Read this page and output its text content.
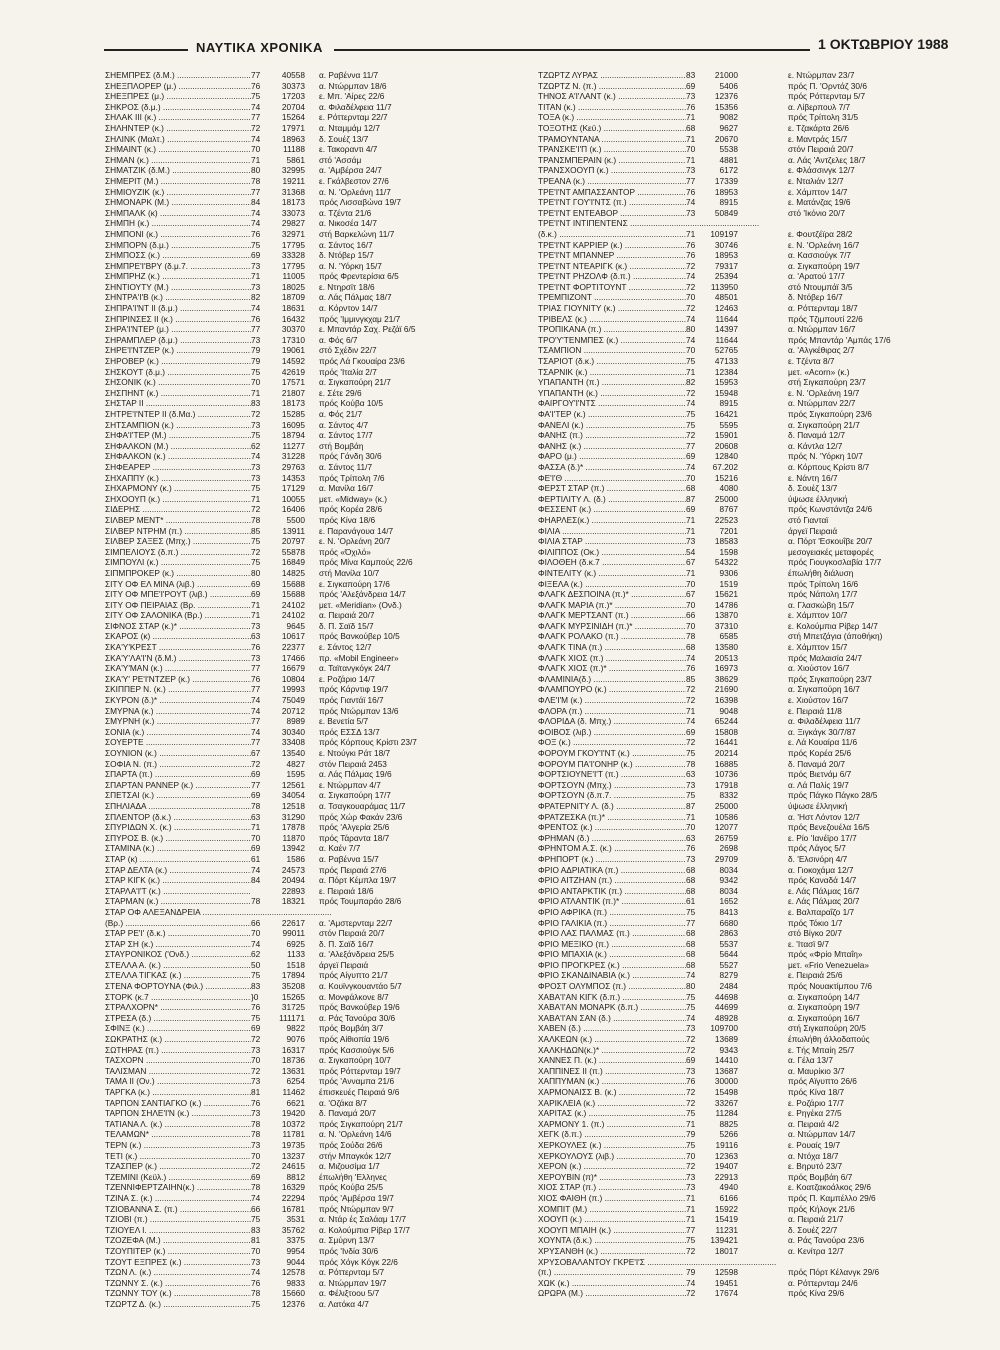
ΝΑΥΤΙΚΑ ΧΡΟΝΙΚΑ	1 ΟΚΤΩΒΡΙΟΥ 1988
ΣΗΕΜΠΡΕΣ (δ.Μ.) .....	77	40558 α. Ραβέννα 11/7
ΣΗΕΞΠΛΟΡΕΡ (μ.) .....	76	30373 α. Ντώρμπαν 18/6
ΣΗΕΞΠΡΕΣ (μ.) .....	75	17203 ε. Μπ. 'Αίρες 22/6
ΣΗΚΡΟΣ (δ.μ.) .....	74	20704 α. Φιλαδέλφεια 11/7
ΣΗΛΑΚ III (κ.) .....	77	15264 ε. Ρόττερνταμ 22/7
ΣΗΛΗΝΤΕΡ (κ.) .....	72	17971 α. Νταμμάμ 12/7
ΣΗΛΙΝΚ (Μαλτ.) .....	74	18963 δ. Σουέζ 13/7
ΣΗΜΑΙΝΤ (κ.) .....	70	11188 ε. Τακοραντι 4/7
ΣΗΜΑΝ (κ.) .....	71	5861 στό 'Ασσάμ
ΣΗΜΑΤΖΙΚ (δ.Μ.) .....	80	32995 α. 'Αμβέρσα 24/7
ΣΗΜΕΡΙΤ (Μ.) .....	78	19211 ε. Γκάλβεστον 27/6
ΣΗΜΙΟΥΖΙΚ (κ.) .....	77	31368 α. Ν. 'Ορλεάνη 11/7
ΣΗΜΟΝΑΡΚ (Μ.) .....	84	18173 πρός Λισσαβώνα 19/7
ΣΗΜΠΑΛΚ (κ) .....	74	33073 α. Τζέντα 21/6
ΣΗΜΠΗ (κ.) .....	74	29827 α. Νικοσέα 14/7
ΣΗΜΠΟΝΙ (κ.) .....	76	32971 στή Βαρκελώνη 11/7
ΣΗΜΠΟΡΝ (δ.μ.) .....	75	17795 α. Σάντος 16/7
ΣΗΜΠΟΣΣ (κ.) .....	69	33328 δ. Ντόβερ 15/7
ΣΗΜΠΡΕ'Ι'ΒΡΥ (δ.μ.7. .....	73	17795 α. Ν. 'Υόρκη 15/7
ΣΗΜΠΡΗΖ (κ.) .....	71	11005 πρός Φρεντερίσια 6/5
ΣΗΝΤΙΟΥΤΥ (Μ.) .....	73	18025 ε. Ντηρσϊτ 18/6
ΣΗΝΤΡΑ'Ι'Β (κ.) .....	82	18709 α. Λάς Πάλμας 18/7
ΣΗΠΡΑ'Ι'ΝΤ ΙΙ (δ.μ.) .....	74	18631 α. Κόρντον 14/7
ΣΗΠΡΙΝΣΕΣ ΙΙ (κ.) .....	76	16432 πρός 'Ιμμινγκχαμ 21/7
ΣΗΡΑ'Ι'ΝΤΕΡ (μ.) .....	77	30370 ε. Μπαντάρ Σαχ. Ρεζάϊ 6/5
ΣΗΡΑΜΠΛΕΡ (δ.μ.) .....	73	17310 α. Φός 6/7
ΣΗΡΕ'Ι'ΝΤΖΕΡ (κ.) .....	79	19061 στό Σχέδιν 22/7
ΣΗΡΟΒΕΡ (κ.) .....	79	14592 πρός Λά Γκουαίρα 23/6
ΣΗΣΚΟΥΤ (δ.μ.) .....	75	42619 πρός 'Ιταλία 2/7
ΣΗΣΟΝΙΚ (κ.) .....	70	17571 α. Σιγκαπούρη 21/7
ΣΗΣΠΗΝΤ (κ.) .....	71	21807 ε. Σέτε 29/6
ΣΗΣΤΑΡ ΙΙ .....	83	18173 πρός Κούβα 10/5
ΣΗΤΡΕ'Ι'ΝΤΕΡ ΙΙ (δ.Μα.) .....	72	15285 α. Φός 21/7
ΣΗΤΣΑΜΠΙΟΝ (κ.) .....	73	16095 α. Σάντος 4/7
ΣΗΦΑ'Ι'ΤΕΡ (Μ.) .....	75	18794 α. Σάντος 17/7
ΣΗΦΑΛΚΟΝ (Μ.) .....	62	11277 στή Βομβάη
ΣΗΦΑΛΚΟΝ (κ.) .....	74	31228 πρός Γάνδη 30/6
ΣΗΦΕΑΡΕΡ .....	73	29763 α. Σάντος 11/7
ΣΗΧΑΠΠΥ (κ.) .....	73	14353 πρός Τρίπολη 7/6
ΣΗΧΑΡΜΟΝΥ (κ.) .....	75	17129 α. Μανίλα 16/7
ΣΗΧΟΟΥΠ (κ.) .....	71	10055 μετ. «Midway» (κ.)
ΣΙΔΕΡΗΣ .....	72	16406 πρός Κορέα 28/6
ΣΙΛΒΕΡ ΜΕΝΤ* .....	78	5500 πρός Κίνα 18/6
ΣΙΛΒΕΡ ΝΤΡΗΜ (π.) .....	85	13911 ε. Παρανάγουα 14/7
ΣΙΛΒΕΡ ΣΑΞΕΣ (Μπχ.) .....	75	20797 ε. Ν. 'Ορλεάνη 20/7
ΣΙΜΠΕΛΙΟΥΣ (δ.π.) .....	72	55878 πρός «Όχιλό»
ΣΙΜΠΟΥΛΙ (κ.) .....	75	16849 πρός Μίνα Καμπούς 22/6
ΣΙΠΜΠΡΟΚΕΡ (κ.) .....	80	14825 στή Μανίλα 10/7
ΣΙΤΥ ΟΦ ΕΛ ΜΙΝΑ (λιβ.) .....	69	15688 ε. Σιγκαπούρη 17/6
ΣΙΤΥ ΟΦ ΜΠΕ'Ι'ΡΟΥΤ (λιβ.) .....	69	15688 πρός 'Αλεξάνδρεια 14/7
ΣΙΤΥ ΟΦ ΠΕΙΡΑΙΑΣ (Βρ. .....	71	24102 μετ. «Meridian» (Ονδ.)
ΣΙΤΥ ΟΦ ΣΑΛΟΝΙΚΑ (Βρ.) .....	71	24102 α. Πειραιά 20/7
ΣΙΦΝΟΣ ΣΤΑΡ (κ.)* .....	73	9645 δ. Π. Σαϊδ 15/7
ΣΚΑΡΟΣ (κ) .....	63	10617 πρός Βανκούβερ 10/5
ΣΚΑ'Υ'ΚΡΕΣΤ .....	76	22377 ε. Σάντος 12/7
ΣΚΑ'Υ'ΛΑ'Ι'Ν (δ.Μ.) .....	73	17466 πρ. «Mobil Engineer»
ΣΚΑ'Υ'ΜΑΝ (κ.) .....	77	16679 α. Ταϊτανγκόγκ 24/7
ΣΚΑ'Υ' ΡΕ'Ι'ΝΤΖΕΡ (κ.) .....	76	10804 ε. Ροζάριο 14/7
ΣΚΙΠΠΕΡ Ν. (κ.) .....	77	19993 πρός Κάρντιφ 19/7
ΣΚΥΡΟΝ (δ.)* .....	74	75049 πρός Γιαντάϊ 16/7
ΣΜΥΡΝΑ (κ.) .....	74	20712 πρός Ντώρμπαν 13/6
ΣΜΥΡΝΗ (κ.) .....	77	8989 ε. Βενετία 5/7
ΣΟΝΙΑ (κ.) .....	74	30340 πρός ΕΣΣΔ 13/7
ΣΟΥΕΡΤΕ .....	77	33408 πρός Κόρπους Κρίστι 23/7
ΣΟΥΝΙΟΝ (κ.) .....	67	13540 ε. Ντούγκι Ράτ 18/7
ΣΟΦΙΑ Ν. (π.) .....	72	4827 στόν Πειραιά 2453
ΣΠΑΡΤΑ (π.) .....	69	1595 α. Λάς Πάλμας 19/6
ΣΠΑΡΤΑΝ ΡΑΝΝΕΡ (κ.) .....	77	12561 ε. Ντώρμπαν 4/7
ΣΠΕΤΣΑΙ (κ.) .....	69	34054 α. Σιγκαπούρη 17/7
ΣΠΗΛΙΑΔΑ .....	78	12518 α. Τσαγκουαράμας 11/7
ΣΠΛΕΝΤΟΡ (δ.κ.) .....	63	31290 πρός Χώρ Φακάν 23/6
ΣΠΥΡΙΔΩΝ Χ. (κ.) .....	71	17878 πρός 'Αλγερία 25/6
ΣΠΥΡΟΣ Β. (κ.) .....	70	11870 πρός Τάραντα 18/7
ΣΤΑΜΙΝΑ (κ.) .....	69	13942 α. Καέν 7/7
ΣΤΑΡ (κ) .....	61	1586 α. Ραβέννα 15/7
ΣΤΑΡ ΔΕΛΤΑ (κ.) .....	74	24573 πρός Πειραιά 27/6
ΣΤΑΡ ΚΙΓΚ (κ.) .....	84	20494 α. Πόρτ Κέμπλα 19/7
ΣΤΑΡΛΑ'Ι'Τ (κ.) .....	22893 ε. Πειραιά 18/6
ΣΤΑΡΜΑΝ (κ.) .....	78	18321 πρός Τουμπαράο 28/6
ΣΤΑΡ ΟΦ ΑΛΕΞΑΝΔΡΕΙΑ .....
(Βρ.) .....	66	22617 α. 'Αμστερνταμ 22/7
ΣΤΑΡ ΡΕ'Ι' (δ.κ.) .....	70	99011 στόν Πειραιά 20/7
ΣΤΑΡ ΣΗ (κ.) .....	74	6925 δ. Π. Σαϊδ 16/7
ΣΤΑΥΡΟΝΙΚΟΣ ('Ονδ.) .....	62	1133 α. 'Αλεξάνδρεια 25/5
ΣΤΕΛΛΑ Α. (κ.) .....	50	1518 άργεϊ Πειραιά
ΣΤΕΛΛΑ ΤΙΓΚΑΣ (κ.) .....	75	17894 πρός Αίγυπτο 21/7
ΣΤΕΝΑ ΦΟΡΤΟΥΝΑ (Φιλ.) .....	83	35208 α. Κουϊνγκουαντάο 5/7
ΣΤΟΡΚ (κ.7 .....	}0	15265 α. Μονφάλκονε 8/7
ΣΤΡΑΛΧΟΡΝ* .....	76	31725 πρός Βανκούβερ 19/6
ΣΤΡΕΣΑ (δ.) .....	75	111171 α. Ράς Τανούρα 30/6
ΣΦΙΝΞ (κ.) .....	69	9822 πρός Βομβάη 3/7
ΣΩΚΡΑΤΗΣ (κ.) .....	72	9076 πρός Αίθιοπία 19/6
ΣΩΤΗΡΑΣ (π.) .....	73	16317 πρός Κασσιούγκ 5/6
ΤΑΣΧΟΡΝ .....	70	18736 α. Σιγκαπούρη 10/7
ΤΑΛΙΣΜΑΝ .....	72	13631 πρός Ρόττερνταμ 19/7
ΤΑΜΑ ΙΙ (Ον.) .....	73	6254 πρός 'Ανναμπα 21/6
ΤΑΡΓΚΑ (κ.) .....	81	11462 έπισκευές Πειραιά 9/6
ΤΑΡΠΟΝ ΣΑΝΤΙΑΓΚΟ (κ.) .....	76	6621 α. 'Οζάκα 8/7
ΤΑΡΠΟΝ ΣΗΛΕ'Ι'Ν (κ.) .....	73	19420 δ. Παναμά 20/7
ΤΑΤΙΑΝΑ Λ. (κ.) .....	78	10372 πρός Σιγκαπούρη 21/7
ΤΕΛΑΜΩΝ* .....	78	11781 α. Ν. 'Ορλεάνη 14/6
ΤΕΡΝ (κ.) .....	73	19735 πρός Σούδα 26/6
ΤΕΤΙ (κ.) .....	70	13237 στήν Μπαγκόκ 12/7
ΤΖΑΣΠΕΡ (κ.) .....	72	24615 α. Μιζουσίμα 1/7
ΤΖΕΜΙΝΙ (Κεϋλ.) .....	69	8812 έπωλήθη 'Ελληνες
ΤΖΕΝΝΙΦΕΡΤΖΑΙΗΝ(κ.) .....	78	16329 πρός Κούβα 25/5
ΤΖΙΝΑ Σ. (κ.) .....	74	22294 πρός 'Αμβέρσα 19/7
ΤΖΙΟΒΑΝΝΑ Σ. (π.) .....	66	16781 πρός Ντώρμπαν 9/7
ΤΖΙΟΒΙ (π.) .....	75	3531 α. Ντάρ ές Σαλάαμ 17/7
ΤΖΙΟΥΕΛ Ι. .....	83	35762 α. Κολούμπια Ρίβερ 17/7
ΤΖΟΖΕΦΑ (Μ.) .....	81	3375 α. Σμύρνη 13/7
ΤΖΟΥΠΙΤΕΡ (κ.) .....	70	9954 πρός 'Ινδία 30/6
ΤΖΟΥΤ ΕΞΠΡΕΣ (κ.) .....	73	9044 πρός Χόγκ Κόγκ 22/6
ΤΖΩΝ Λ. (κ.) .....	74	12578 α. Ρόττερνταμ 5/7
ΤΖΩΝΝΥ Σ. (κ.) .....	76	9833 α. Ντώρμπαν 19/7
ΤΖΩΝΝΥ ΤΟΥ (κ.) .....	78	15660 α. Φέλιξτοου 5/7
ΤΖΩΡΤΖ Δ. (κ.) .....	75	12376 α. Λατόκα 4/7
ΤΖΩΡΤΖ ΛΥΡΑΣ .....	83	21000	ε. Ντώρμπαν 23/7
ΤΖΩΡΤΖ Ν. (π.) .....	69	5406	πρός Π. 'Ορντάζ 30/6
ΤΗΝΟΣ Α'Ι'ΛΑΝΤ (κ.) .....	73	12376	πρός Ρόττερνταμ 5/7
ΤΙΤΑΝ (κ.) .....	76	15356	α. Λίβερπουλ 7/7
ΤΟΞΑ (κ.) .....	71	9082	πρός Τρίπολη 31/5
ΤΟΞΟΤΗΣ (Κεϋ.) .....	68	9627	ε. Τζακάρτα 26/6
ΤΡΑΜΟΥΝΤΑΝΑ .....	71	20670	ε. Μαντράς 15/7
ΤΡΑΝΣΚΕ'Ι'Π (κ.) .....	70	5538	στόν Πειραιά 20/7
ΤΡΑΝΣΜΠΕΡΑΙΝ (κ.) .....	71	4881	α. Λάς 'Αντζελες 18/7
ΤΡΑΝΣΧΟΟΥΠ (κ.) .....	73	6172	ε. Φλάσσινγκ 12/7
ΤΡΕΑΝΑ (κ.) .....	77	17339	ε. Νταλιάν 12/7
ΤΡΕ'Ι'ΝΤ ΑΜΠΑΣΣΑΝΤΟΡ .....	76	18953	ε. Χάμπτον 14/7
ΤΡΕ'Ι'ΝΤ ΓΟΥ'Ι'ΝΤΣ (π.) .....	74	8915	ε. Ματάνζας 19/6
ΤΡΕ'Ι'ΝΤ ΕΝΤΕΑΒΟΡ .....	73	50849	στό 'Ικόνιο 20/7
ΤΡΕ'Ι'ΝΤ ΙΝΤΙΠΕΝΤΕΝΣ .....
(δ.κ.) .....	71	109197	ε. Φουτζέϊρα 28/2
ΤΡΕ'Ι'ΝΤ ΚΑΡΡΙΕΡ (κ.) .....	76	30746	ε. Ν. 'Ορλεάνη 16/7
ΤΡΕ'Ι'ΝΤ ΜΠΑΝΝΕΡ .....	76	18953	α. Κασσιούγκ 7/7
ΤΡΕ'Ι'ΝΤ ΝΤΕΑΡΙΓΚ (κ.) .....	72	79317	α. Σιγκαπούρη 19/7
ΤΡΕ'Ι'ΝΤ ΡΗΖΟΛΦ (δ.π.) .....	74	25394	α. 'Αρατού 17/7
ΤΡΕ'Ι'ΝΤ ΦΟΡΤΙΤΟΥΝΤ .....	72	113950	στό Ντουμπάϊ 3/5
ΤΡΕΜΠΙΖΟΝΤ .....	70	48501	δ. Ντόβερ 16/7
ΤΡΙΑΣ ΓΙΟΥΝΙΤΥ (κ.) .....	72	12463	α. Ρόττερνταμ 18/7
ΤΡΙΒΕΛΣ (κ.) .....	74	11644	πρός Τζιμπουτί 22/6
ΤΡΟΠΙΚΑΝΑ (π.) .....	80	14397	α. Ντώρμπαν 16/7
ΤΡΟ'Υ'ΤΕΝΜΠΕΣ (κ.) .....	74	11644	πρός Μπαντάρ 'Αμπάς 17/6
ΤΣΑΜΠΙΟΝ .....	70	52765	α. 'Αλγκέθιρας 2/7
ΤΣΑΡΙΟΤ (δ.κ.) .....	75	47133	ε. Τζέντα 8/7
ΤΣΑΡΝΙΚ (κ.) .....	71	12384	μετ. «Acorn» (κ.)
ΥΠΑΠΑΝΤΗ (π.) .....	82	15953	στή Σιγκαπούρη 23/7
ΥΠΑΠΑΝΤΗ (κ.) .....	72	15948	ε. Ν. 'Ορλεάνη 19/7
ΦΑΙΡΓΟΥ'Ι'ΝΤΣ .....	74	8915	α. Ντώρμπαν 22/7
ΦΑ'Ι'ΤΕΡ (κ.) .....	75	16421	πρός Σιγκαπούρη 23/6
ΦΑΝΕΛΙ (κ.) .....	75	5595	α. Σιγκαπούρη 21/7
ΦΑΝΗΣ (π.) .....	72	15901	δ. Παναμά 12/7
ΦΑΝΗΣ (κ.) .....	77	20608	α. Κάντλα 12/7
ΦΑΡΟ (μ.) .....	69	12840	πρός Ν. 'Υόρκη 10/7
ΦΑΣΣΑ (δ.)* .....	74	67.202	α. Κόρπους Κρίστι 8/7
ΦΕ'Ι'Θ .....	70	15216	ε. Νάντη 16/7
ΦΕΡΣΤ ΣΤΑΡ (π.) .....	68	4080	δ. Σουέζ 13/7
ΦΕΡΤΙΛΙΤΥ Λ. (δ.) .....	87	25000	ύψωσε έλληνική
ΦΕΣΣΕΝΤ (κ.) .....	69	8767	πρός Κωνστάντζα 24/6
ΦΗΑΡΛΕΣ(κ.) .....	71	22523	στό Γιανταϊ
ΦΙΛΙΑ .....	71	7201	άργεϊ Πειραιά
ΦΙΛΙΑ ΣΤΑΡ .....	73	18583	α. Πόρτ 'Εσκουΐβε 20/7
ΦΙΛΙΠΠΟΣ (Οκ.) .....	54	1598	μεσογειακές μεταφορές
ΦΙΛΟΘΕΗ (δ.κ.7 .....	67	54322	πρός Γιουγκοσλαβία 17/7
ΦΙΝΤΕΛΙΤΥ (κ.) .....	71	9306	έπωλήθη διάλυση
ΦΙΞΕΛΑ (κ.) .....	70	1519	πρός Τρίπολη 16/6
ΦΛΑΓΚ ΔΕΣΠΟΙΝΑ (π.)* .....	67	15621	πρός Νάπολη 17/7
ΦΛΑΓΚ ΜΑΡΙΑ (π.)* .....	70	14786	α. Γλασκώβη 15/7
ΦΛΑΓΚ ΜΕΡΤΣΑΝΤ (π.) .....	66	13870	ε. Χάμπτον 10/7
ΦΛΑΓΚ ΜΥΡΣΙΝΙΔΗ (π.)* .....	70	37310	ε. Κολούμπια Ρίβερ 14/7
ΦΛΑΓΚ ΡΟΛΑΚΟ (π.) .....	78	6585	στή Μπετζάγια (άποθήκη)
ΦΛΑΓΚ ΤΙΝΑ (π.) .....	68	13580	ε. Χάμπτον 15/7
ΦΛΑΓΚ ΧΙΟΣ (π.) .....	74	20513	πρός Μαλαισία 24/7
ΦΛΑΓΚ ΧΙΟΣ (π.)* .....	76	16973	α. Χιούστον 16/7
ΦΛΑΜΙΝΙΑ(δ.) .....	85	38629	πρός Σιγκαπούρη 23/7
ΦΛΑΜΠΟΥΡΟ (κ.) .....	72	21690	α. Σιγκαπούρη 16/7
ΦΛΕ'Ι'Μ (κ.) .....	72	16398	ε. Χιούστον 16/7
ΦΛΟΡΑ (π.) .....	71	9048	ε. Πειραιά 11/8
ΦΛΟΡΙΔΑ (δ. Μπχ.) .....	74	65244	α. Φιλαδέλφεια 11/7
ΦΟΙΒΟΣ (λιβ.) .....	69	15808	α. Ξιγκάγκ 30/7/87
ΦΟΞ (κ.) .....	72	16441	ε. Λά Κουαίρα 11/6
ΦΟΡΟΥΜ ΓΚΟΥ'Ι'ΝΤ (κ.) .....	75	20214	πρός Κορέα 25/6
ΦΟΡΟΥΜ ΠΑ'Ι'ΟΝΗΡ (κ.) .....	78	16885	δ. Παναμά 20/7
ΦΟΡΤΣΙΟΥΝΕ'Ι'Τ (π.) .....	63	10736	πρός Βιετνάμ 6/7
ΦΟΡΤΣΟΥΝ (Μπχ.) .....	73	17918	α. Λά Παλίς 19/7
ΦΟΡΤΣΟΥΝ (δ.π.7. .....	75	8332	πρός Πάγκο Πάγκο 28/5
ΦΡΑΤΕΡΝΙΤΥ Λ. (δ.) .....	87	25000	ύψωσε έλληνική
ΦΡΑΤΖΕΣΚΑ (π.)* .....	71	10586	α. 'Ηστ Λόντον 12/7
ΦΡΕΝΤΟΣ (κ.) .....	70	12077	πρός Βενεζουέλα 16/5
ΦΡΗΜΑΝ (δ.) .....	63	26759	ε. Ρίο 'Ιανέϊρο 17/7
ΦΡΗΝΤΟΜ Α.Σ. (κ.) .....	76	2698	πρός Λάγος 5/7
ΦΡΗΠΟΡΤ (κ.) .....	73	29709	δ. 'Ελσινόρη 4/7
ΦΡΙΟ ΑΔΡΙΑΤΙΚΑ (π.) .....	68	8034	α. Γιοκοχάμα 12/7
ΦΡΙΟ ΑΙΤΖΗΑΝ (π.) .....	68	9342	πρός Καναδά 14/7
ΦΡΙΟ ΑΝΤΑΡΚΤΙΚ (π.) .....	68	8034	ε. Λάς Πάλμας 16/7
ΦΡΙΟ ΑΤΛΑΝΤΙΚ (π.)* .....	61	1652	ε. Λάς Πάλμας 20/7
ΦΡΙΟ ΑΦΡΙΚΑ (π.) .....	75	8413	ε. Βαλπαραΐζο 1/7
ΦΡΙΟ ΓΑΛΙΚΙΑ (π.) .....	77	6680	πρός Τόκιο 1/7
ΦΡΙΟ ΛΑΣ ΠΑΛΜΑΣ (π.) .....	68	2863	στό Βίγκο 20/7
ΦΡΙΟ ΜΕΞΙΚΟ (π.) .....	68	5537	ε. 'Ιτασϊ 9/7
ΦΡΙΟ ΜΠΑΧΙΑ (κ.) .....	68	5644	πρός «Φρίο Μπαΐη»
ΦΡΙΟ ΠΡΟΓΚΡΕΣ (κ.) .....	68	5527	μετ. «Frio Venezuela»
ΦΡΙΟ ΣΚΑΝΔΙΝΑΒΙΑ (κ.) .....	74	8279	ε. Πειραιά 25/6
ΦΡΟΣΤ ΟΛΥΜΠΟΣ (π.) .....	80	2484	πρός Νουακτίμπου 7/6
ΧΑΒΑ'Ι'ΑΝ ΚΙΓΚ (δ.π.) .....	75	44698	α. Σιγκαπούρη 14/7
ΧΑΒΑ'Ι'ΑΝ ΜΟΝΑΡΚ (δ.π.) .....	75	44699	α. Σιγκαπούρη 19/7
ΧΑΒΑ'Ι'ΑΝ ΣΑΝ (δ.) .....	74	48928	α. Σιγκαπούρη 16/7
ΧΑΒΕΝ (δ.) .....	73	109700	στή Σιγκαπούρη 20/5
ΧΑΛΚΕΩΝ (κ.) .....	72	13689	έπωλήθη άλλοδαπούς
ΧΑΛΚΗΔΩΝ(κ.)* .....	72	9343	ε. Τής Μπαίη 25/7
ΧΑΝΝΕΣ Π. (κ.) .....	69	14410	α. Γέλα 13/7
ΧΑΠΠΙΝΕΣ ΙΙ (π.) .....	73	13687	α. Μαυρίκιο 3/7
ΧΑΠΠΥΜΑΝ (κ.) .....	76	30000	πρός Αϊγυπτο 26/6
ΧΑΡΜΟΝΑΙΣΣ Β. (κ.) .....	72	15498	πρός Κίνα 18/7
ΧΑΡΙΚΛΕΙΑ (κ.) .....	72	33267	ε. Ροζάριο 17/7
ΧΑΡΙΤΑΣ (κ.) .....	75	11284	ε. Ρηγέκα 27/5
ΧΑΡΜΟΝΥ 1. (π.) .....	71	8825	α. Πειραιά 4/2
ΧΕΓΚ (δ.π.) .....	79	5266	α. Ντώρμπαν 14/7
ΧΕΡΚΟΥΛΕΣ (κ.) .....	75	19116	ε. Ρουαίς 19/7
ΧΕΡΚΟΥΛΟΥΣ (λιβ.) .....	70	12363	α. Ντόχα 18/7
ΧΕΡΟΝ (κ.) .....	72	19407	ε. Βηρυτό 23/7
ΧΕΡΟΥΒΙΝ (π)* .....	73	22913	πρός Βομβάη 6/7
ΧΙΟΣ ΣΤΑΡ (π.) .....	73	4940	ε. Κοατζακοάλκος 29/6
ΧΙΟΣ ΦΑΙΘΗ (π.) .....	71	6166	πρός Π. Καμπέλλο 29/6
ΧΟΜΠΙΤ (Μ.) .....	71	15922	πρός Κήλογκ 21/6
ΧΟΟΥΠ (κ.) .....	71	15419	α. Πειραιά 21/7
ΧΟΟΥΠ ΜΠΑΙΗ (κ.) .....	77	11231	δ. Σουέζ 22/7
ΧΟΥΝΤΑ (δ.κ.) .....	75	139421	α. Ράς Τανούρα 23/6
ΧΡΥΣΑΝΘΗ (κ.) .....	72	18017	α. Κενίτρα 12/7
ΧΡΥΣΟΒΑΛΑΝΤΟΥ ΓΚΡΕ'Ι'Σ .....
(π.) .....	79	12598	πρός Πόρτ Κέλανγκ 29/6
ΧΩΚ (κ.) .....	74	19451	α. Ρόττερνταμ 24/6
ΩΡΩΡΑ (Μ.) .....	72	17674	πρός Κίνα 29/6
